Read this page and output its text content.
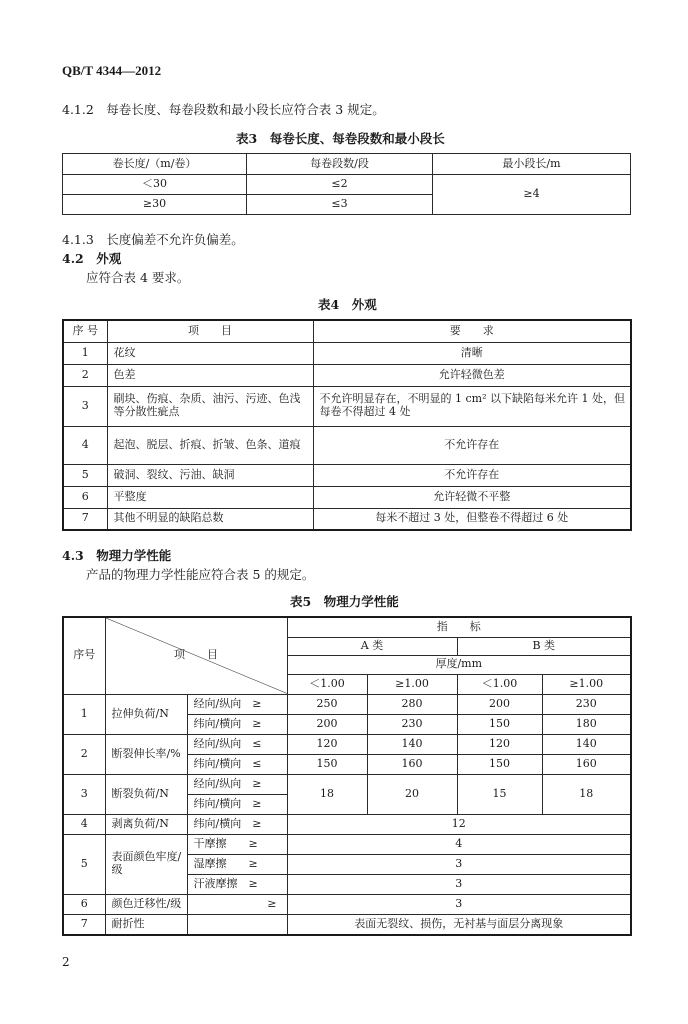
QB/T 4344—2012
4.1.2　每卷长度、每卷段数和最小段长应符合表 3 规定。
表3　每卷长度、每卷段数和最小段长
卷长度/（m/卷）	每卷段数/段	最小段长/m
＜30	≤2	≥4
≥30	≤3	
4.1.3　长度偏差不允许负偏差。
4.2　外观
应符合表 4 要求。
表4　外观
序 号	项　　目	要　　求
1	花纹	清晰
2	色差	允许轻微色差
3	刷块、伤痕、杂质、油污、污迹、色浅等分散性疵点	不允许明显存在，不明显的 1 cm² 以下缺陷每米允许 1 处，但每卷不得超过 4 处
4	起泡、脱层、折痕、折皱、色条、道痕	不允许存在
5	破洞、裂纹、污油、缺洞	不允许存在
6	平整度	允许轻微不平整
7	其他不明显的缺陷总数	每米不超过 3 处，但整卷不得超过 6 处
4.3　物理力学性能
产品的物理力学性能应符合表 5 的规定。
表5　物理力学性能
序号	项　　目		指　　标			
			A 类		B 类	
			厚度/mm			
			＜1.00	≥1.00	＜1.00	≥1.00
1	拉伸负荷/N	经向/纵向　≥	250	280	200	230
		纬向/横向　≥	200	230	150	180
2	断裂伸长率/%	经向/纵向　≤	120	140	120	140
		纬向/横向　≤	150	160	150	160
3	断裂负荷/N	经向/纵向　≥	18	20	15	18
		纬向/横向　≥				
4	剥离负荷/N	纬向/横向　≥	12			
5	表面颜色牢度/级	干摩擦　　≥	4			
		湿摩擦　　≥	3			
		汗液摩擦　≥	3			
6	颜色迁移性/级	≥	3			
7	耐折性		表面无裂纹、损伤，无衬基与面层分离现象			
2
